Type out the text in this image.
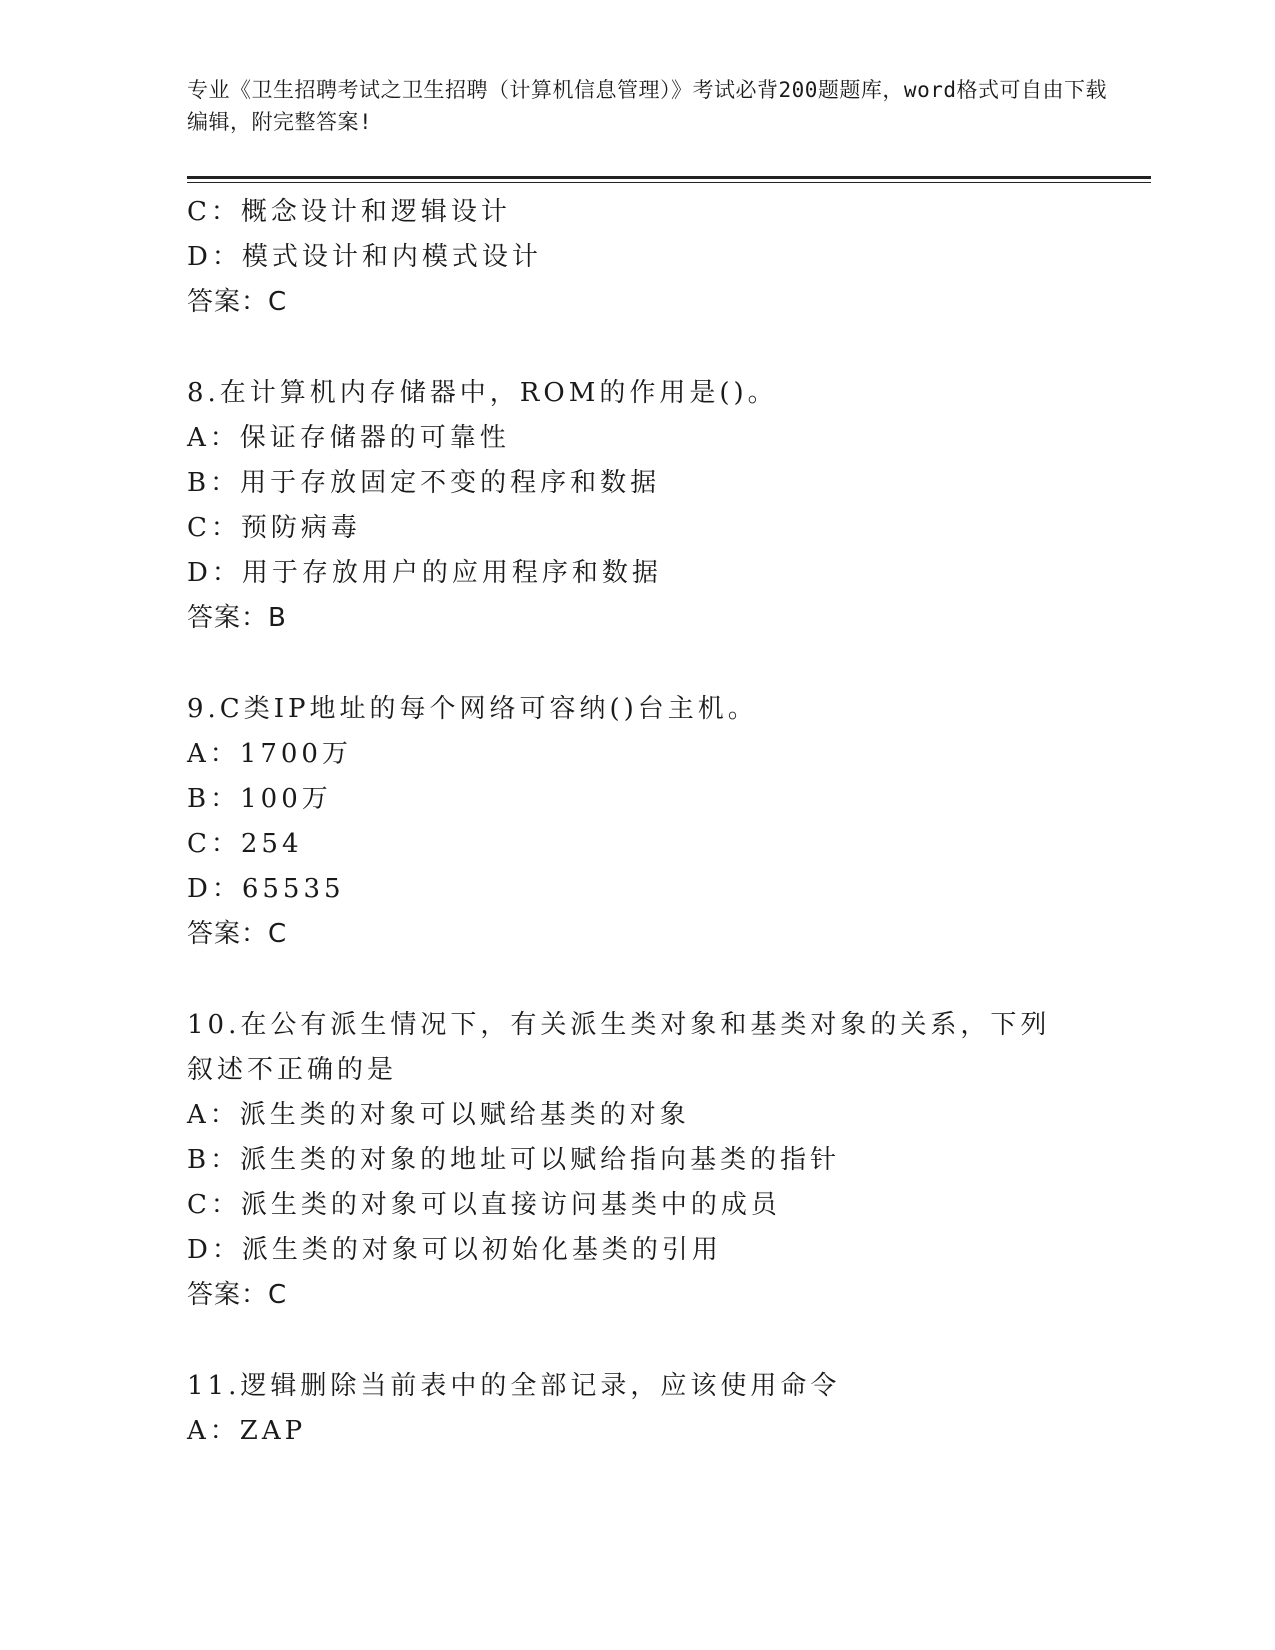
专业《卫生招聘考试之卫生招聘（计算机信息管理）》考试必背200题题库，word格式可自由下载编辑，附完整答案!
C：概念设计和逻辑设计
D：模式设计和内模式设计
答案：C
8.在计算机内存储器中，ROM的作用是()。
A：保证存储器的可靠性
B：用于存放固定不变的程序和数据
C：预防病毒
D：用于存放用户的应用程序和数据
答案：B
9.C类IP地址的每个网络可容纳()台主机。
A：1700万
B：100万
C：254
D：65535
答案：C
10.在公有派生情况下，有关派生类对象和基类对象的关系，下列叙述不正确的是
A：派生类的对象可以赋给基类的对象
B：派生类的对象的地址可以赋给指向基类的指针
C：派生类的对象可以直接访问基类中的成员
D：派生类的对象可以初始化基类的引用
答案：C
11.逻辑删除当前表中的全部记录，应该使用命令
A：ZAP
